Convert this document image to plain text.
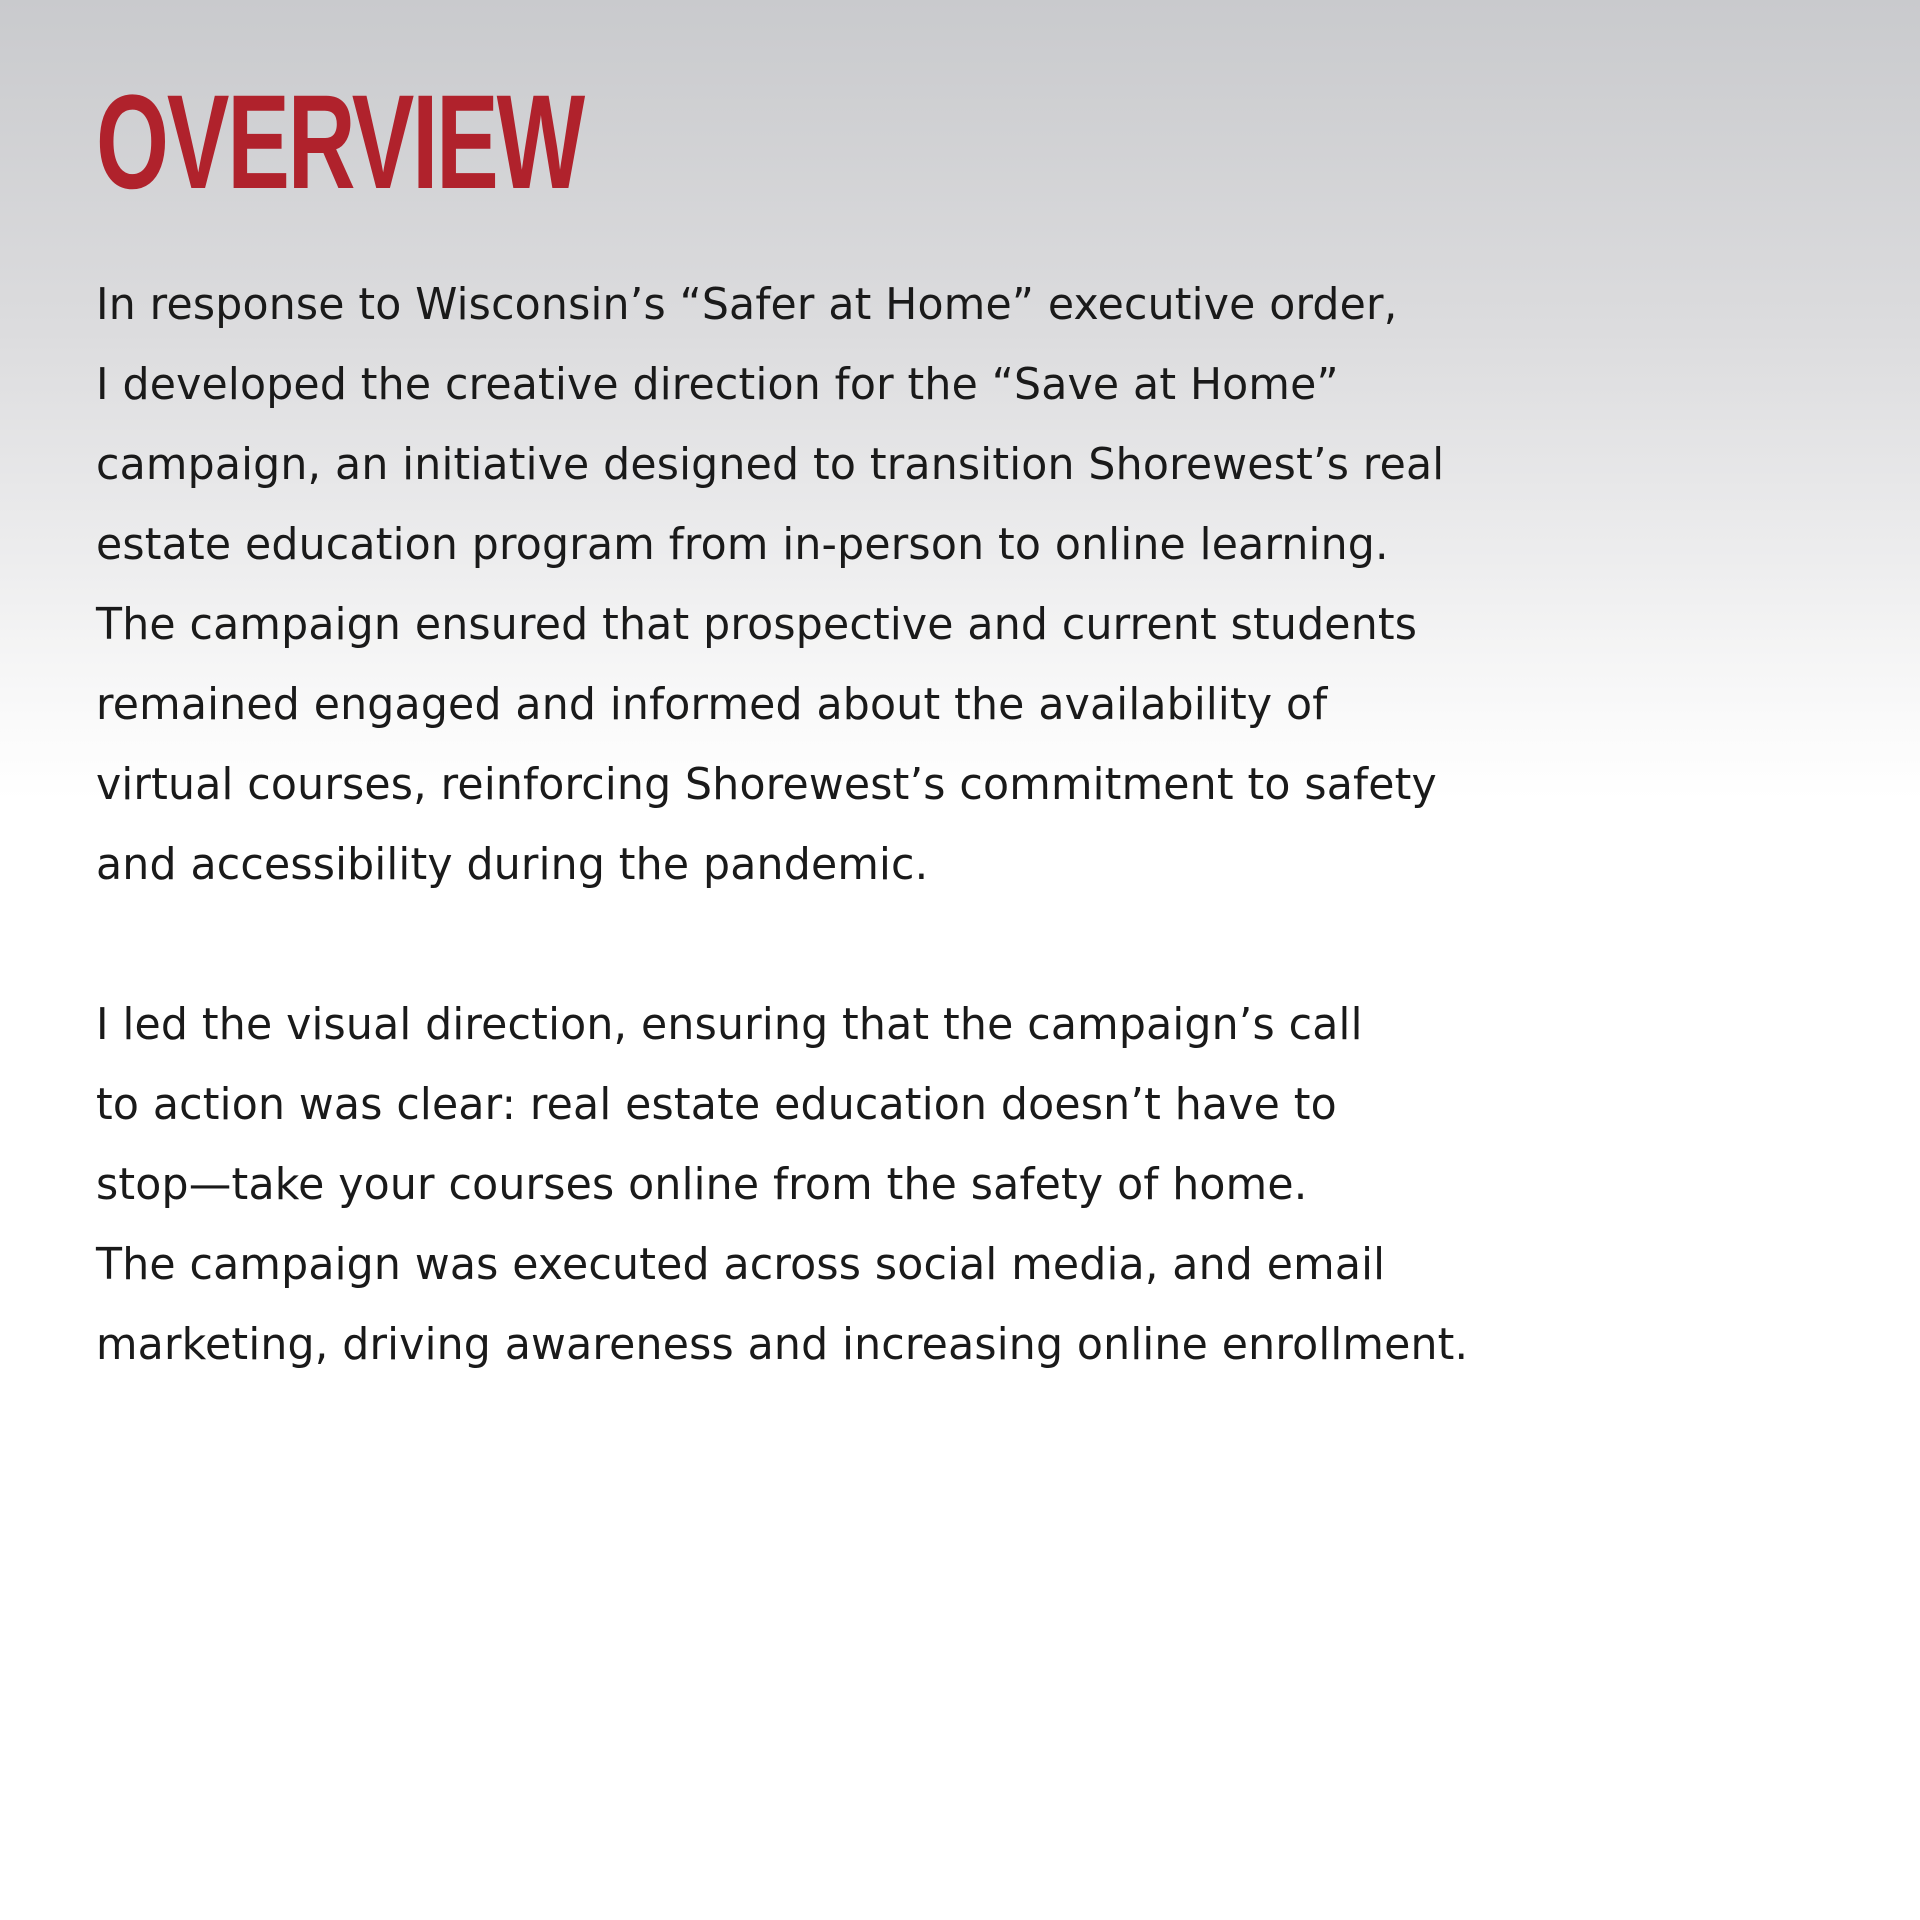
OVERVIEW

In response to Wisconsin’s “Safer at Home” executive order,
I developed the creative direction for the “Save at Home”
campaign, an initiative designed to transition Shorewest’s real
estate education program from in-person to online learning.
The campaign ensured that prospective and current students
remained engaged and informed about the availability of
virtual courses, reinforcing Shorewest’s commitment to safety
and accessibility during the pandemic.

I led the visual direction, ensuring that the campaign’s call
to action was clear: real estate education doesn’t have to
stop—take your courses online from the safety of home.
The campaign was executed across social media, and email
marketing, driving awareness and increasing online enrollment.
